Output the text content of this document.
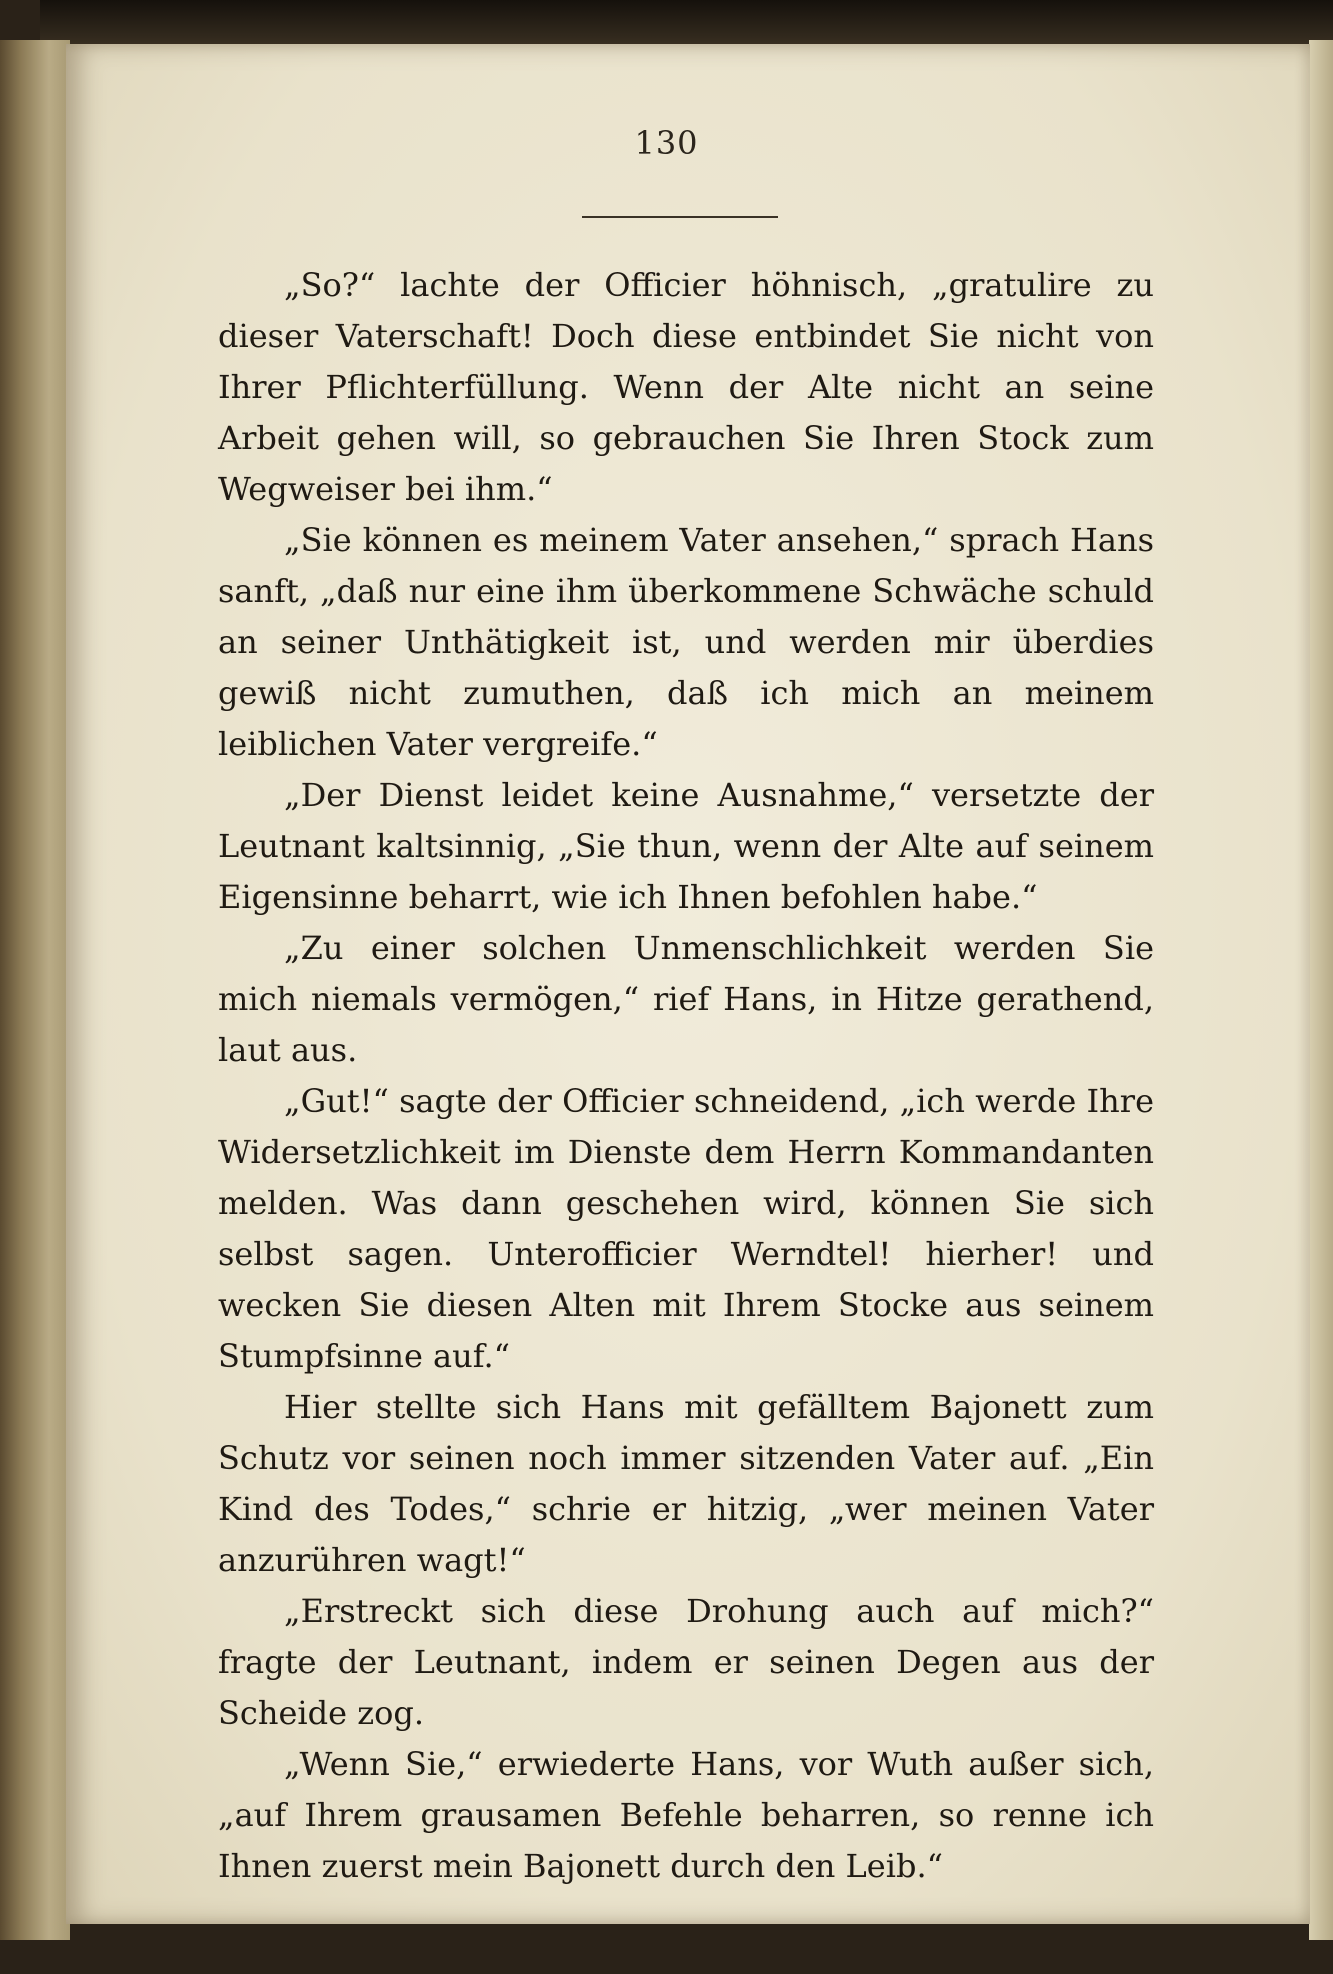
130

„So?“ lachte der Officier höhnisch, „gratulire zu dieser Vaterschaft! Doch diese entbindet Sie nicht von Ihrer Pflichterfüllung. Wenn der Alte nicht an seine Arbeit gehen will, so gebrauchen Sie Ihren Stock zum Wegweiser bei ihm.“

„Sie können es meinem Vater ansehen,“ sprach Hans sanft, „daß nur eine ihm überkommene Schwäche schuld an seiner Unthätigkeit ist, und werden mir überdies gewiß nicht zumuthen, daß ich mich an meinem leiblichen Vater vergreife.“

„Der Dienst leidet keine Ausnahme,“ versetzte der Leutnant kaltsinnig, „Sie thun, wenn der Alte auf seinem Eigensinne beharrt, wie ich Ihnen befohlen habe.“

„Zu einer solchen Unmenschlichkeit werden Sie mich niemals vermögen,“ rief Hans, in Hitze gerathend, laut aus.

„Gut!“ sagte der Officier schneidend, „ich werde Ihre Widersetzlichkeit im Dienste dem Herrn Kommandanten melden. Was dann geschehen wird, können Sie sich selbst sagen. Unterofficier Werndtel! hierher! und wecken Sie diesen Alten mit Ihrem Stocke aus seinem Stumpfsinne auf.“

Hier stellte sich Hans mit gefälltem Bajonett zum Schutz vor seinen noch immer sitzenden Vater auf. „Ein Kind des Todes,“ schrie er hitzig, „wer meinen Vater anzurühren wagt!“

„Erstreckt sich diese Drohung auch auf mich?“ fragte der Leutnant, indem er seinen Degen aus der Scheide zog.

„Wenn Sie,“ erwiederte Hans, vor Wuth außer sich, „auf Ihrem grausamen Befehle beharren, so renne ich Ihnen zuerst mein Bajonett durch den Leib.“
